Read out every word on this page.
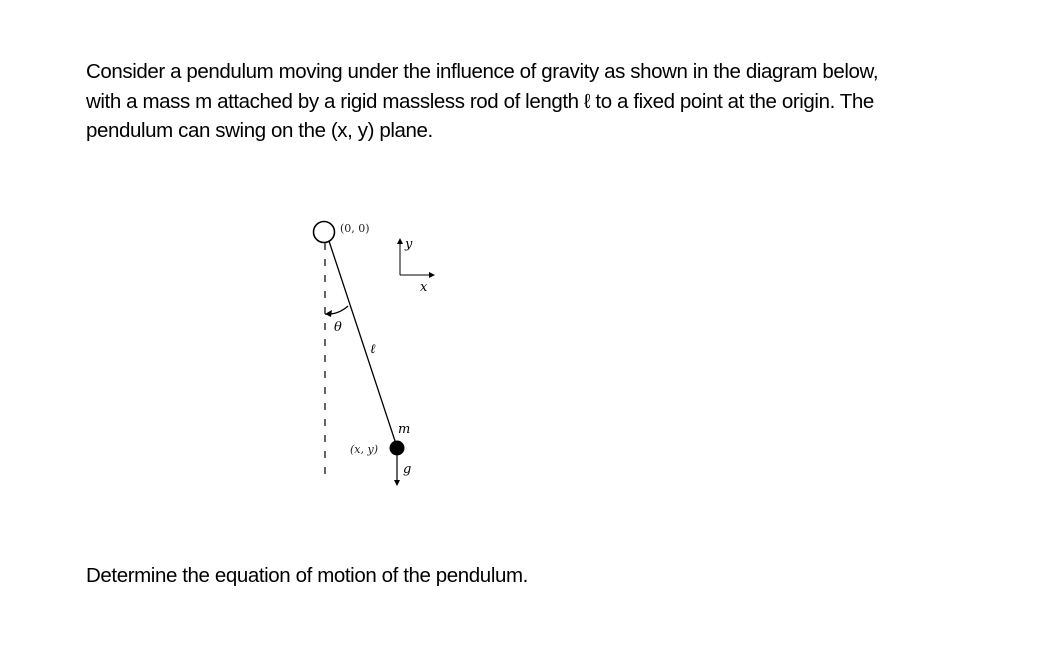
Consider a pendulum moving under the influence of gravity as shown in the diagram below,
with a mass m attached by a rigid massless rod of length ℓ to a fixed point at the origin. The
pendulum can swing on the (x, y) plane.
(0, 0)
y
x
θ
ℓ
m
(x, y)
g
Determine the equation of motion of the pendulum.
